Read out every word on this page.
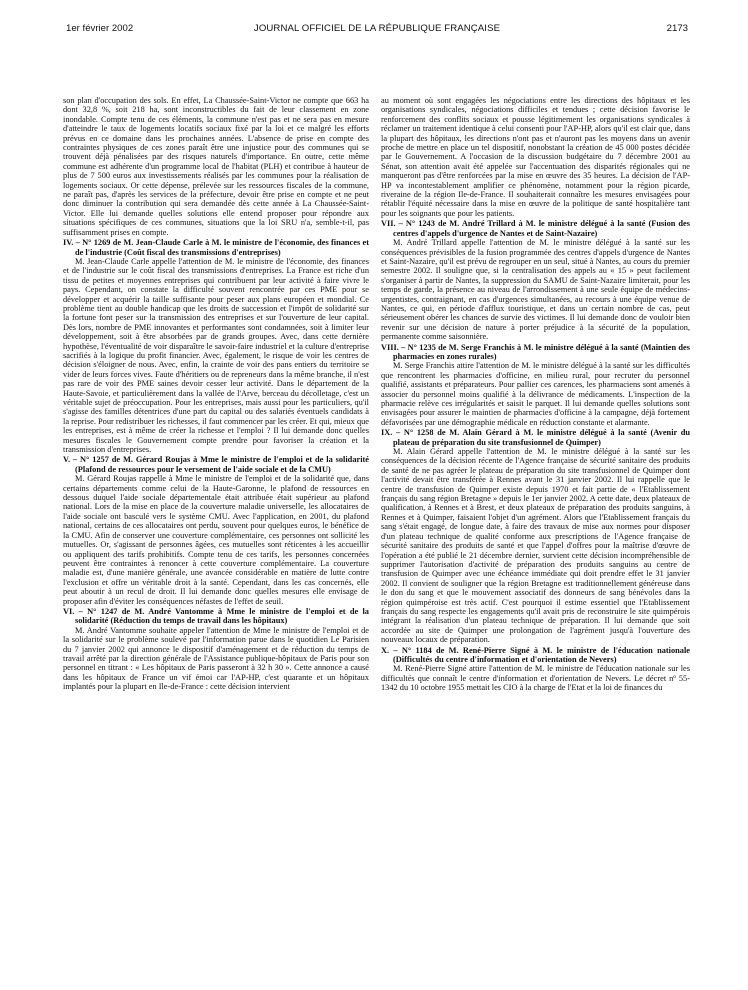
1er février 2002	JOURNAL OFFICIEL DE LA RÉPUBLIQUE FRANÇAISE	2173

son plan d'occupation des sols. En effet, La Chaussée-Saint-Victor ne compte que 663 ha dont 32,8 %, soit 218 ha, sont inconstructibles du fait de leur classement en zone inondable. Compte tenu de ces éléments, la commune n'est pas et ne sera pas en mesure d'atteindre le taux de logements locatifs sociaux fixé par la loi et ce malgré les efforts prévus en ce domaine dans les prochaines années. L'absence de prise en compte des contraintes physiques de ces zones paraît être une injustice pour des communes qui se trouvent déjà pénalisées par des risques naturels d'importance. En outre, cette même commune est adhérente d'un programme local de l'habitat (PLH) et contribue à hauteur de plus de 7 500 euros aux investissements réalisés par les communes pour la réalisation de logements sociaux. Or cette dépense, prélevée sur les ressources fiscales de la commune, ne paraît pas, d'après les services de la préfecture, devoir être prise en compte et ne peut donc diminuer la contribution qui sera demandée dès cette année à La Chaussée-Saint-Victor. Elle lui demande quelles solutions elle entend proposer pour répondre aux situations spécifiques de ces communes, situations que la loi SRU n'a, semble-t-il, pas suffisamment prises en compte.

IV. – N° 1269 de M. Jean-Claude Carle à M. le ministre de l'économie, des finances et de l'industrie (Coût fiscal des transmissions d'entreprises)

M. Jean-Claude Carle appelle l'attention de M. le ministre de l'économie, des finances et de l'industrie sur le coût fiscal des transmissions d'entreprises. La France est riche d'un tissu de petites et moyennes entreprises qui contribuent par leur activité à faire vivre le pays. Cependant, on constate la difficulté souvent rencontrée par ces PME pour se développer et acquérir la taille suffisante pour peser aux plans européen et mondial. Ce problème tient au double handicap que les droits de succession et l'impôt de solidarité sur la fortune font peser sur la transmission des entreprises et sur l'ouverture de leur capital. Dès lors, nombre de PME innovantes et performantes sont condamnées, soit à limiter leur développement, soit à être absorbées par de grands groupes. Avec, dans cette dernière hypothèse, l'éventualité de voir disparaître le savoir-faire industriel et la culture d'entreprise sacrifiés à la logique du profit financier. Avec, également, le risque de voir les centres de décision s'éloigner de nous. Avec, enfin, la crainte de voir des pans entiers du territoire se vider de leurs forces vives. Faute d'héritiers ou de repreneurs dans la même branche, il n'est pas rare de voir des PME saines devoir cesser leur activité. Dans le département de la Haute-Savoie, et particulièrement dans la vallée de l'Arve, berceau du décolletage, c'est un véritable sujet de préoccupation. Pour les entreprises, mais aussi pour les particuliers, qu'il s'agisse des familles détentrices d'une part du capital ou des salariés éventuels candidats à la reprise. Pour redistribuer les richesses, il faut commencer par les créer. Et qui, mieux que les entreprises, est à même de créer la richesse et l'emploi ? Il lui demande donc quelles mesures fiscales le Gouvernement compte prendre pour favoriser la création et la transmission d'entreprises.

V. – N° 1257 de M. Gérard Roujas à Mme le ministre de l'emploi et de la solidarité (Plafond de ressources pour le versement de l'aide sociale et de la CMU)

M. Gérard Roujas rappelle à Mme le ministre de l'emploi et de la solidarité que, dans certains départements comme celui de la Haute-Garonne, le plafond de ressources en dessous duquel l'aide sociale départementale était attribuée était supérieur au plafond national. Lors de la mise en place de la couverture maladie universelle, les allocataires de l'aide sociale ont basculé vers le système CMU. Avec l'application, en 2001, du plafond national, certains de ces allocataires ont perdu, souvent pour quelques euros, le bénéfice de la CMU. Afin de conserver une couverture complémentaire, ces personnes ont sollicité les mutuelles. Or, s'agissant de personnes âgées, ces mutuelles sont réticentes à les accueillir ou appliquent des tarifs prohibitifs. Compte tenu de ces tarifs, les personnes concernées peuvent être contraintes à renoncer à cette couverture complémentaire. La couverture maladie est, d'une manière générale, une avancée considérable en matière de lutte contre l'exclusion et offre un véritable droit à la santé. Cependant, dans les cas concernés, elle peut aboutir à un recul de droit. Il lui demande donc quelles mesures elle envisage de proposer afin d'éviter les conséquences néfastes de l'effet de seuil.

VI. – N° 1247 de M. André Vantomme à Mme le ministre de l'emploi et de la solidarité (Réduction du temps de travail dans les hôpitaux)

M. André Vantomme souhaite appeler l'attention de Mme le ministre de l'emploi et de la solidarité sur le problème soulevé par l'information parue dans le quotidien Le Parisien du 7 janvier 2002 qui annonce le dispositif d'aménagement et de réduction du temps de travail arrêté par la direction générale de l'Assistance publique-hôpitaux de Paris pour son personnel en titrant : « Les hôpitaux de Paris passeront à 32 h 30 ». Cette annonce a causé dans les hôpitaux de France un vif émoi car l'AP-HP, c'est quarante et un hôpitaux implantés pour la plupart en Ile-de-France : cette décision intervient

au moment où sont engagées les négociations entre les directions des hôpitaux et les organisations syndicales, négociations difficiles et tendues ; cette décision favorise le renforcement des conflits sociaux et pousse légitimement les organisations syndicales à réclamer un traitement identique à celui consenti pour l'AP-HP, alors qu'il est clair que, dans la plupart des hôpitaux, les directions n'ont pas et n'auront pas les moyens dans un avenir proche de mettre en place un tel dispositif, nonobstant la création de 45 000 postes décidée par le Gouvernement. A l'occasion de la discussion budgétaire du 7 décembre 2001 au Sénat, son attention avait été appelée sur l'accentuation des disparités régionales qui ne manqueront pas d'être renforcées par la mise en œuvre des 35 heures. La décision de l'AP-HP va incontestablement amplifier ce phénomène, notamment pour la région picarde, riveraine de la région Ile-de-France. Il souhaiterait connaître les mesures envisagées pour rétablir l'équité nécessaire dans la mise en œuvre de la politique de santé hospitalière tant pour les soignants que pour les patients.

VII. – N° 1243 de M. André Trillard à M. le ministre délégué à la santé (Fusion des centres d'appels d'urgence de Nantes et de Saint-Nazaire)

M. André Trillard appelle l'attention de M. le ministre délégué à la santé sur les conséquences prévisibles de la fusion programmée des centres d'appels d'urgence de Nantes et Saint-Nazaire, qu'il est prévu de regrouper en un seul, situé à Nantes, au cours du premier semestre 2002. Il souligne que, si la centralisation des appels au « 15 » peut facilement s'organiser à partir de Nantes, la suppression du SAMU de Saint-Nazaire limiterait, pour les temps de garde, la présence au niveau de l'arrondissement à une seule équipe de médecins-urgentistes, contraignant, en cas d'urgences simultanées, au recours à une équipe venue de Nantes, ce qui, en période d'afflux touristique, et dans un certain nombre de cas, peut sérieusement obérer les chances de survie des victimes. Il lui demande donc de vouloir bien revenir sur une décision de nature à porter préjudice à la sécurité de la population, permanente comme saisonnière.

VIII. – N° 1235 de M. Serge Franchis à M. le ministre délégué à la santé (Maintien des pharmacies en zones rurales)

M. Serge Franchis attire l'attention de M. le ministre délégué à la santé sur les difficultés que rencontrent les pharmacies d'officine, en milieu rural, pour recruter du personnel qualifié, assistants et préparateurs. Pour pallier ces carences, les pharmaciens sont amenés à associer du personnel moins qualifié à la délivrance de médicaments. L'inspection de la pharmacie relève ces irrégularités et saisit le parquet. Il lui demande quelles solutions sont envisagées pour assurer le maintien de pharmacies d'officine à la campagne, déjà fortement défavorisées par une démographie médicale en réduction constante et alarmante.

IX. – N° 1258 de M. Alain Gérard à M. le ministre délégué à la santé (Avenir du plateau de préparation du site transfusionnel de Quimper)

M. Alain Gérard appelle l'attention de M. le ministre délégué à la santé sur les conséquences de la décision récente de l'Agence française de sécurité sanitaire des produits de santé de ne pas agréer le plateau de préparation du site transfusionnel de Quimper dont l'activité devait être transférée à Rennes avant le 31 janvier 2002. Il lui rappelle que le centre de transfusion de Quimper existe depuis 1970 et fait partie de « l'Etablissement français du sang région Bretagne » depuis le 1er janvier 2002. A cette date, deux plateaux de qualification, à Rennes et à Brest, et deux plateaux de préparation des produits sanguins, à Rennes et à Quimper, faisaient l'objet d'un agrément. Alors que l'Etablissement français du sang s'était engagé, de longue date, à faire des travaux de mise aux normes pour disposer d'un plateau technique de qualité conforme aux prescriptions de l'Agence française de sécurité sanitaire des produits de santé et que l'appel d'offres pour la maîtrise d'œuvre de l'opération a été publié le 21 décembre dernier, survient cette décision incompréhensible de supprimer l'autorisation d'activité de préparation des produits sanguins au centre de transfusion de Quimper avec une échéance immédiate qui doit prendre effet le 31 janvier 2002. Il convient de souligner que la région Bretagne est traditionnellement généreuse dans le don du sang et que le mouvement associatif des donneurs de sang bénévoles dans la région quimpéroise est très actif. C'est pourquoi il estime essentiel que l'Etablissement français du sang respecte les engagements qu'il avait pris de reconstruire le site quimpérois intégrant la réalisation d'un plateau technique de préparation. Il lui demande que soit accordée au site de Quimper une prolongation de l'agrément jusqu'à l'ouverture des nouveaux locaux de préparation.

X. – N° 1184 de M. René-Pierre Signé à M. le ministre de l'éducation nationale (Difficultés du centre d'information et d'orientation de Nevers)

M. René-Pierre Signé attire l'attention de M. le ministre de l'éducation nationale sur les difficultés que connaît le centre d'information et d'orientation de Nevers. Le décret nº 55-1342 du 10 octobre 1955 mettait les CIO à la charge de l'Etat et la loi de finances du
